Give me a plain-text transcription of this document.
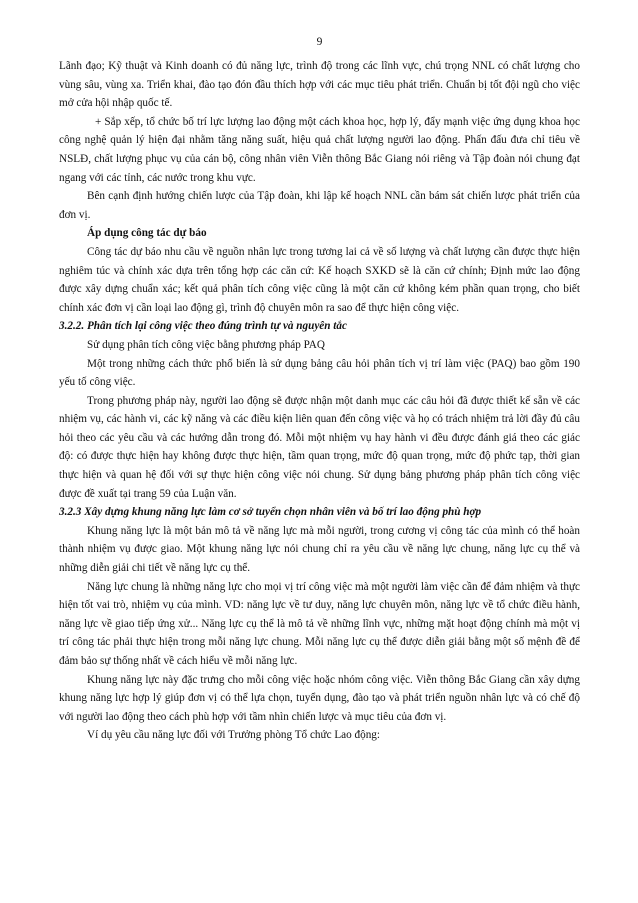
9

Lãnh đạo; Kỹ thuật và Kinh doanh có đủ năng lực, trình độ trong các lĩnh vực, chú trọng NNL có chất lượng cho vùng sâu, vùng xa. Triển khai, đào tạo đón đầu thích hợp với các mục tiêu phát triển. Chuẩn bị tốt đội ngũ cho việc mở cửa hội nhập quốc tế.

+ Sắp xếp, tổ chức bố trí lực lượng lao động một cách khoa học, hợp lý, đẩy mạnh việc ứng dụng khoa học công nghệ quản lý hiện đại nhằm tăng năng suất, hiệu quả chất lượng người lao động. Phấn đấu đưa chỉ tiêu về NSLĐ, chất lượng phục vụ của cán bộ, công nhân viên Viễn thông Bắc Giang nói riêng và Tập đoàn nói chung đạt ngang với các tỉnh, các nước trong khu vực.

Bên cạnh định hướng chiến lược của Tập đoàn, khi lập kế hoạch NNL cần bám sát chiến lược phát triển của đơn vị.

Áp dụng công tác dự báo

Công tác dự báo nhu cầu về nguồn nhân lực trong tương lai cả về số lượng và chất lượng cần được thực hiện nghiêm túc và chính xác dựa trên tổng hợp các căn cứ: Kế hoạch SXKD sẽ là căn cứ chính; Định mức lao động được xây dựng chuẩn xác; kết quả phân tích công việc cũng là một căn cứ không kém phần quan trọng, cho biết chính xác đơn vị cần loại lao động gì, trình độ chuyên môn ra sao để thực hiện công việc.

3.2.2. Phân tích lại công việc theo đúng trình tự và nguyên tắc

Sử dụng phân tích công việc bằng phương pháp PAQ

Một trong những cách thức phổ biến là sử dụng bảng câu hỏi phân tích vị trí làm việc (PAQ) bao gồm 190 yếu tố công việc.

Trong phương pháp này, người lao động sẽ được nhận một danh mục các câu hỏi đã được thiết kế sẵn về các nhiệm vụ, các hành vi, các kỹ năng và các điều kiện liên quan đến công việc và họ có trách nhiệm trả lời đầy đủ câu hỏi theo các yêu cầu và các hướng dẫn trong đó. Mỗi một nhiệm vụ hay hành vi đều được đánh giá theo các giác độ: có được thực hiện hay không được thực hiện, tầm quan trọng, mức độ quan trọng, mức độ phức tạp, thời gian thực hiện và quan hệ đối với sự thực hiện công việc nói chung. Sử dụng bảng phương pháp phân tích công việc được đề xuất tại trang 59 của Luận văn.

3.2.3 Xây dựng khung năng lực làm cơ sở tuyển chọn nhân viên và bố trí lao động phù hợp

Khung năng lực là một bản mô tả về năng lực mà mỗi người, trong cương vị công tác của mình có thể hoàn thành nhiệm vụ được giao. Một khung năng lực nói chung chỉ ra yêu cầu về năng lực chung, năng lực cụ thể và những diễn giải chi tiết về năng lực cụ thể.

Năng lực chung là những năng lực cho mọi vị trí công việc mà một người làm việc cần để đảm nhiệm và thực hiện tốt vai trò, nhiệm vụ của mình. VD: năng lực về tư duy, năng lực chuyên môn, năng lực về tổ chức điều hành, năng lực về giao tiếp ứng xử... Năng lực cụ thể là mô tả về những lĩnh vực, những mặt hoạt động chính mà một vị trí công tác phải thực hiện trong mỗi năng lực chung. Mỗi năng lực cụ thể được diễn giải bằng một số mệnh đề để đảm bảo sự thống nhất về cách hiểu về mỗi năng lực.

Khung năng lực này đặc trưng cho mỗi công việc hoặc nhóm công việc. Viễn thông Bắc Giang cần xây dựng khung năng lực hợp lý giúp đơn vị có thể lựa chọn, tuyển dụng, đào tạo và phát triển nguồn nhân lực và có chế độ với người lao động theo cách phù hợp với tầm nhìn chiến lược và mục tiêu của đơn vị.

Ví dụ yêu cầu năng lực đối với Trưởng phòng Tổ chức Lao động:
